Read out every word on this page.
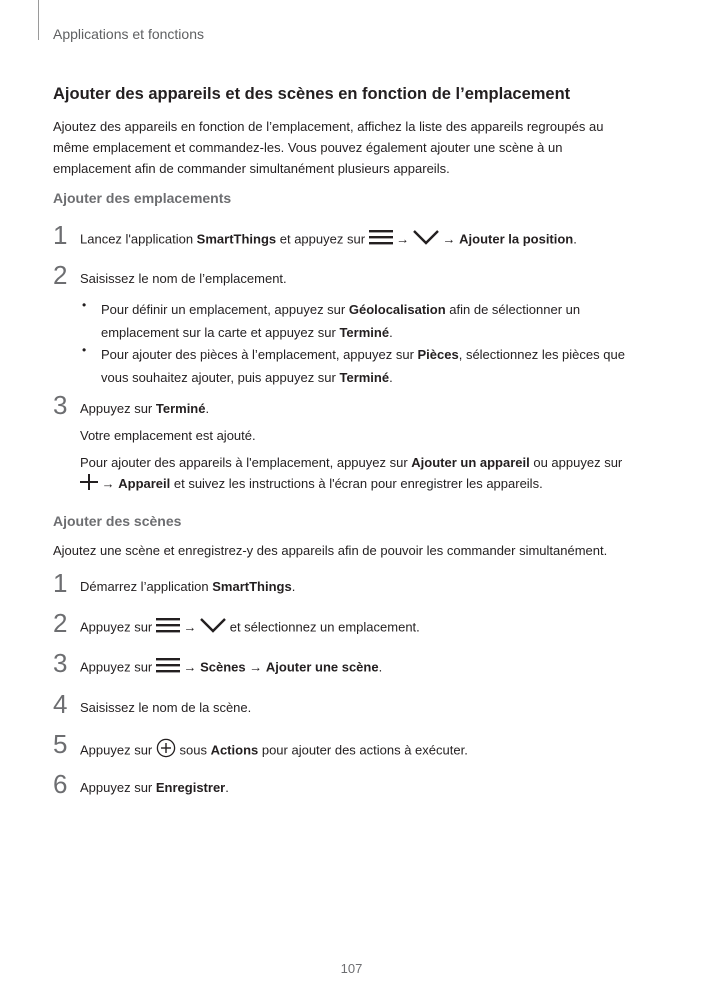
Applications et fonctions
Ajouter des appareils et des scènes en fonction de l’emplacement
Ajoutez des appareils en fonction de l’emplacement, affichez la liste des appareils regroupés au même emplacement et commandez-les. Vous pouvez également ajouter une scène à un emplacement afin de commander simultanément plusieurs appareils.
Ajouter des emplacements
1 Lancez l'application SmartThings et appuyez sur  →	→ Ajouter la position.
2 Saisissez le nom de l’emplacement.
• Pour définir un emplacement, appuyez sur Géolocalisation afin de sélectionner un emplacement sur la carte et appuyez sur Terminé.
• Pour ajouter des pièces à l’emplacement, appuyez sur Pièces, sélectionnez les pièces que vous souhaitez ajouter, puis appuyez sur Terminé.
3 Appuyez sur Terminé.
Votre emplacement est ajouté.
Pour ajouter des appareils à l'emplacement, appuyez sur Ajouter un appareil ou appuyez sur
→ Appareil et suivez les instructions à l'écran pour enregistrer les appareils.
Ajouter des scènes
Ajoutez une scène et enregistrez-y des appareils afin de pouvoir les commander simultanément.
1 Démarrez l’application SmartThings.
2 Appuyez sur  →  et sélectionnez un emplacement.
3 Appuyez sur  → Scènes → Ajouter une scène.
4 Saisissez le nom de la scène.
5 Appuyez sur  sous Actions pour ajouter des actions à exécuter.
6 Appuyez sur Enregistrer.
107
